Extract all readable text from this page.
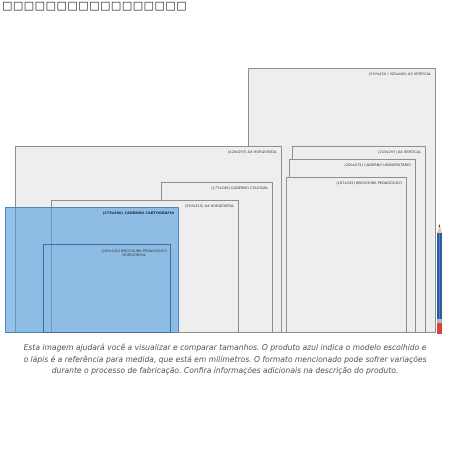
□□□□□□□□□□□□□□□□□
(297x420 / 320x440) A3 VERTICAL
(210x297) A4 VERTICAL
(200x275) CADERNO UNIVERSITÁRIO
(187x245) BROCHURA PEDAGÓGICO
(420x297) A3 HORIZONTAL
(177x240) CADERNO COLEGIAL
(297x210) A4 HORIZONTAL
(275x200) CADERNO CARTOGRAFIA
(200x140) BROCHURA PEDAGÓGICO
HORIZONTAL
Esta imagem ajudará você a visualizar e comparar tamanhos. O produto azul indica o modelo escolhido e
o lápis é a referência para medida, que está em milímetros. O formato mencionado pode sofrer variações
durante o processo de fabricação. Confira informações adicionais na descrição do produto.
